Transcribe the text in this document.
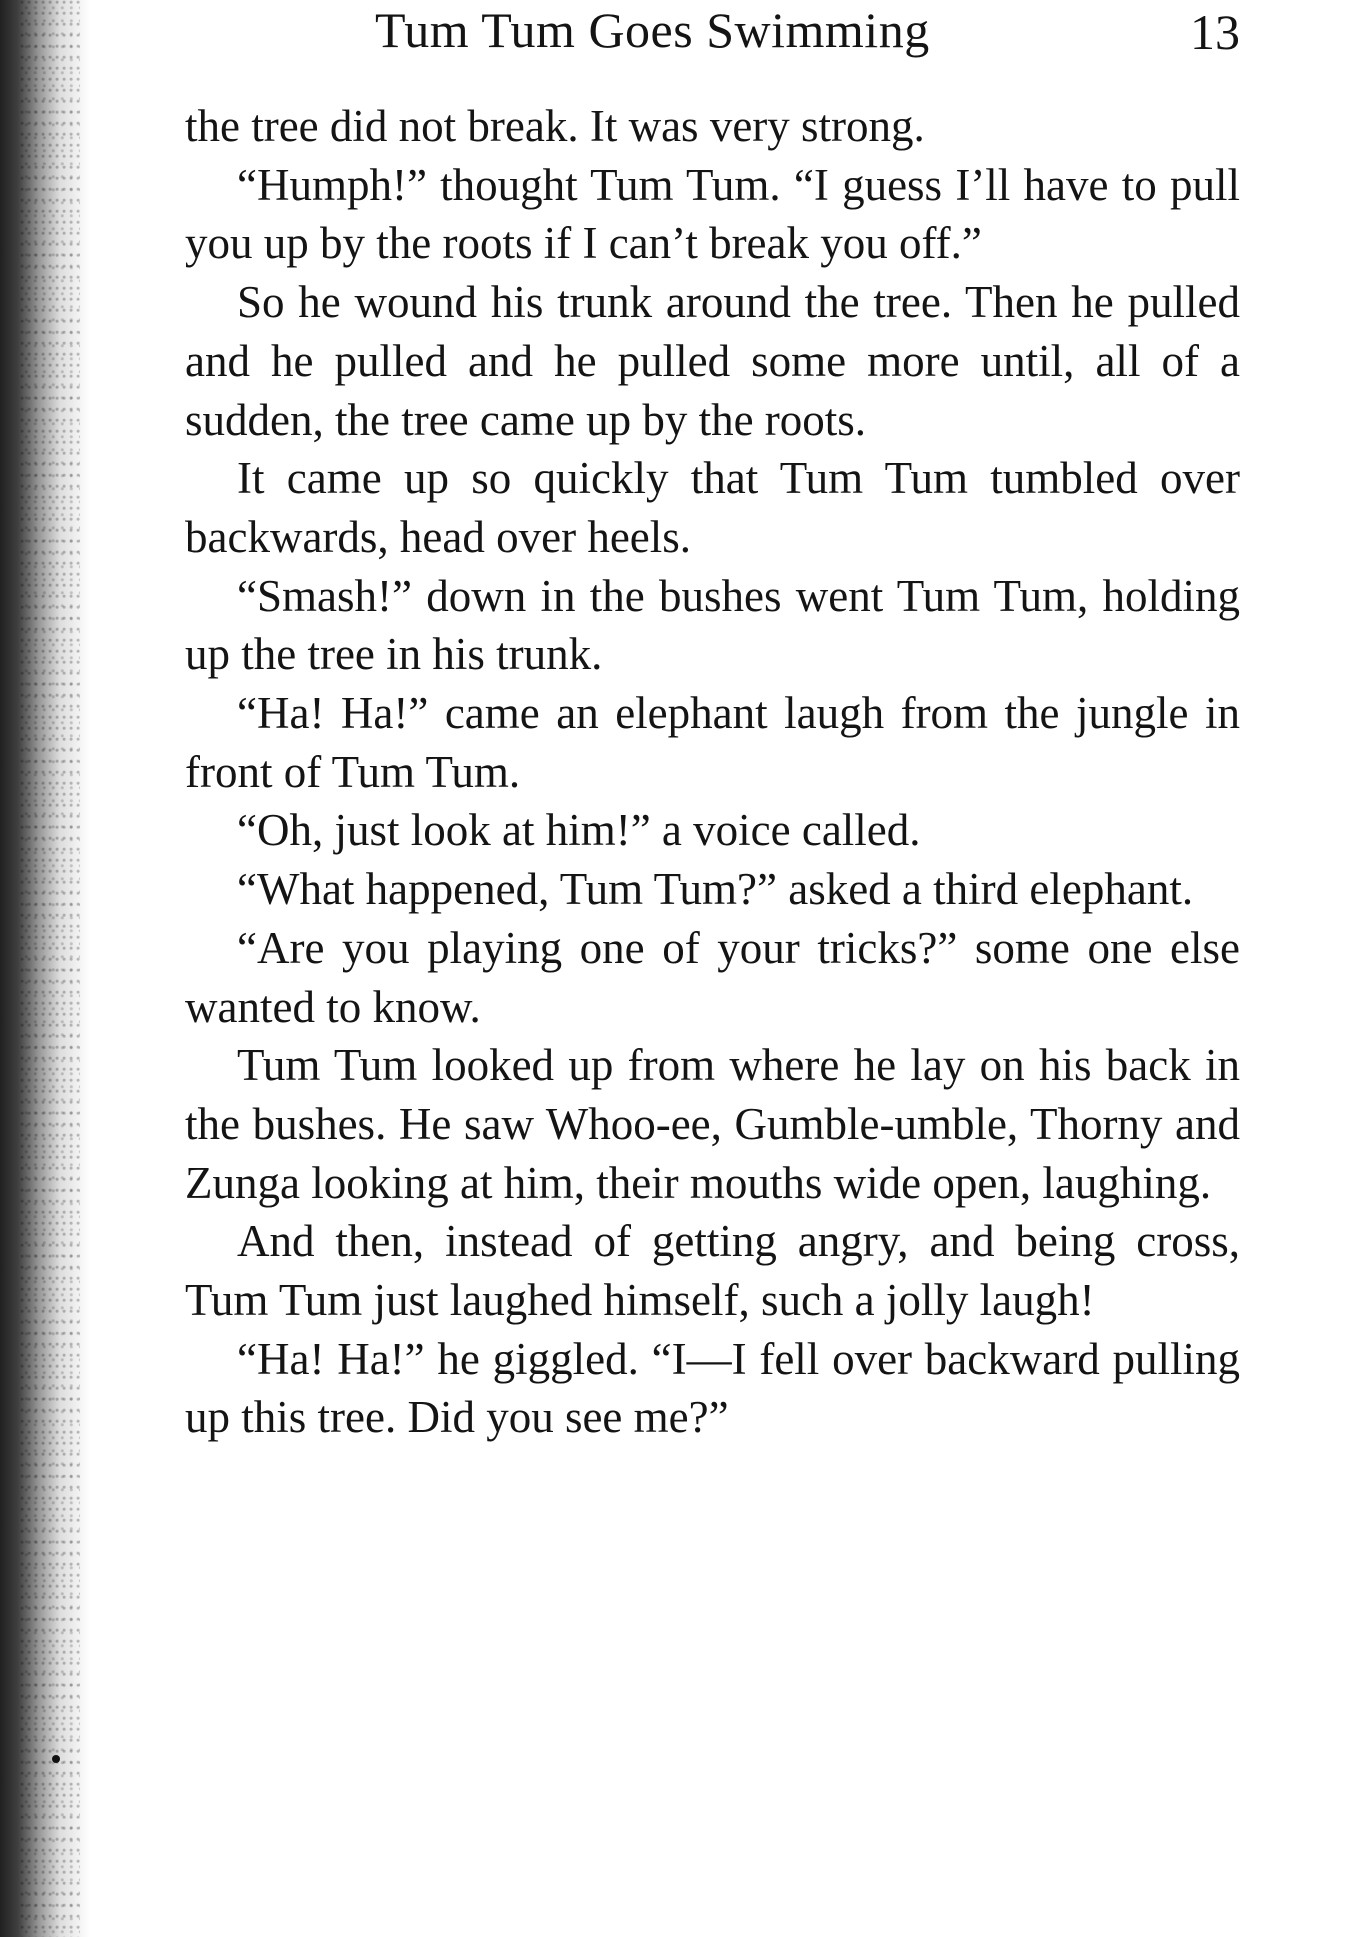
Tum Tum Goes Swimming	13

the tree did not break. It was very strong.

“Humph!” thought Tum Tum. “I guess I’ll have to pull you up by the roots if I can’t break you off.”

So he wound his trunk around the tree. Then he pulled and he pulled and he pulled some more until, all of a sudden, the tree came up by the roots.

It came up so quickly that Tum Tum tumbled over backwards, head over heels.

“Smash!” down in the bushes went Tum Tum, holding up the tree in his trunk.

“Ha! Ha!” came an elephant laugh from the jungle in front of Tum Tum.

“Oh, just look at him!” a voice called.

“What happened, Tum Tum?” asked a third elephant.

“Are you playing one of your tricks?” some one else wanted to know.

Tum Tum looked up from where he lay on his back in the bushes. He saw Whoo-ee, Gumble-umble, Thorny and Zunga looking at him, their mouths wide open, laughing.

And then, instead of getting angry, and being cross, Tum Tum just laughed himself, such a jolly laugh!

“Ha! Ha!” he giggled. “I—I fell over backward pulling up this tree. Did you see me?”
